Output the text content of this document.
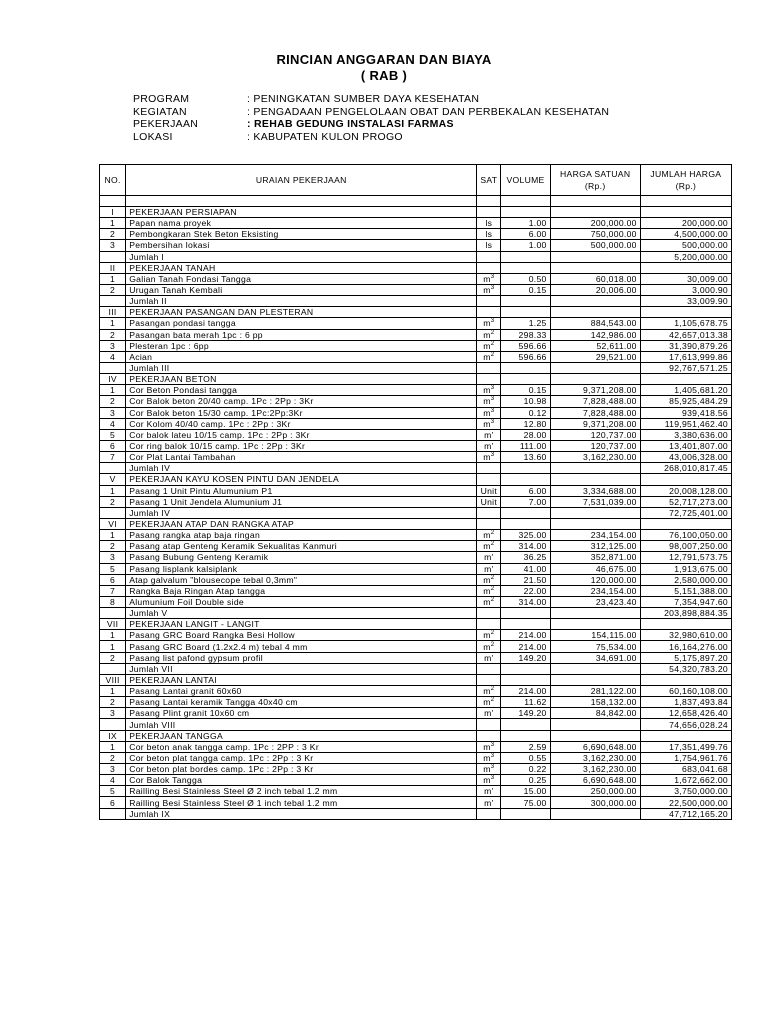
RINCIAN ANGGARAN DAN BIAYA
( RAB )
PROGRAM	: PENINGKATAN SUMBER DAYA KESEHATAN
KEGIATAN	: PENGADAAN PENGELOLAAN OBAT DAN PERBEKALAN KESEHATAN
PEKERJAAN	: REHAB GEDUNG INSTALASI FARMAS
LOKASI	: KABUPATEN KULON PROGO
NO.	URAIAN PEKERJAAN	SAT	VOLUME	HARGA SATUAN (Rp.)	JUMLAH HARGA (Rp.)

I	PEKERJAAN PERSIAPAN				
1	Papan nama proyek	ls	1.00	200,000.00	200,000.00
2	Pembongkaran Stek Beton Eksisting	ls	6.00	750,000.00	4,500,000.00
3	Pembersihan lokasi	ls	1.00	500,000.00	500,000.00
	Jumlah I				5,200,000.00
II	PEKERJAAN TANAH				
1	Galian Tanah Fondasi Tangga	$m^3$	0.50	60,018.00	30,009.00
2	Urugan Tanah Kembali	$m^3$	0.15	20,006.00	3,000.90
	Jumlah II				33,009.90
III	PEKERJAAN PASANGAN DAN PLESTERAN				
1	Pasangan pondasi tangga	$m^3$	1.25	884,543.00	1,105,678.75
2	Pasangan bata merah 1pc : 6 pp	$m^2$	298.33	142,986.00	42,657,013.38
3	Plesteran 1pc : 6pp	$m^2$	596.66	52,611.00	31,390,879.26
4	Acian	$m^2$	596.66	29,521.00	17,613,999.86
	Jumlah III				92,767,571.25
IV	PEKERJAAN BETON				
1	Cor Beton Pondasi tangga	$m^3$	0.15	9,371,208.00	1,405,681.20
2	Cor Balok beton 20/40 camp. 1Pc : 2Pp : 3Kr	$m^3$	10.98	7,828,488.00	85,925,484.29
3	Cor Balok beton 15/30 camp. 1Pc:2Pp:3Kr	$m^3$	0.12	7,828,488.00	939,418.56
4	Cor Kolom 40/40 camp. 1Pc : 2Pp : 3Kr	$m^3$	12.80	9,371,208.00	119,951,462.40
5	Cor balok lateu 10/15 camp. 1Pc : 2Pp : 3Kr	m'	28.00	120,737.00	3,380,636.00
6	Cor ring balok 10/15 camp. 1Pc : 2Pp : 3Kr	m'	111.00	120,737.00	13,401,807.00
7	Cor Plat Lantai Tambahan	$m^3$	13.60	3,162,230.00	43,006,328.00
	Jumlah IV				268,010,817.45
V	PEKERJAAN KAYU KOSEN PINTU DAN JENDELA				
1	Pasang 1 Unit Pintu Alumunium P1	Unit	6.00	3,334,688.00	20,008,128.00
2	Pasang 1 Unit Jendela Alumunium J1	Unit	7.00	7,531,039.00	52,717,273.00
	Jumlah IV				72,725,401.00
VI	PEKERJAAN ATAP DAN RANGKA ATAP				
1	Pasang rangka atap baja ringan	$m^2$	325.00	234,154.00	76,100,050.00
2	Pasang atap Genteng Keramik Sekualitas Kanmuri	$m^2$	314.00	312,125.00	98,007,250.00
3	Pasang Bubung Genteng Keramik	m'	36.25	352,871.00	12,791,573.75
5	Pasang lisplank kalsiplank	m'	41.00	46,675.00	1,913,675.00
6	Atap galvalum "blousecope tebal 0,3mm"	$m^2$	21.50	120,000.00	2,580,000.00
7	Rangka Baja Ringan Atap tangga	$m^2$	22.00	234,154.00	5,151,388.00
8	Alumunium Foil Double side	$m^2$	314.00	23,423.40	7,354,947.60
	Jumlah V				203,898,884.35
VII	PEKERJAAN LANGIT - LANGIT				
1	Pasang GRC Board Rangka Besi Hollow	$m^2$	214.00	154,115.00	32,980,610.00
1	Pasang GRC Board (1.2x2.4 m) tebal 4 mm	$m^2$	214.00	75,534.00	16,164,276.00
2	Pasang list pafond gypsum profil	m'	149.20	34,691.00	5,175,897.20
	Jumlah VII				54,320,783.20
VIII	PEKERJAAN LANTAI				
1	Pasang Lantai granit 60x60	$m^2$	214.00	281,122.00	60,160,108.00
2	Pasang Lantai keramik Tangga 40x40 cm	$m^2$	11.62	158,132.00	1,837,493.84
3	Pasang Plint granit 10x60 cm	m'	149.20	84,842.00	12,658,426.40
	Jumlah VIII				74,656,028.24
IX	PEKERJAAN TANGGA				
1	Cor beton anak tangga camp. 1Pc : 2PP : 3 Kr	$m^3$	2.59	6,690,648.00	17,351,499.76
2	Cor beton plat tangga camp. 1Pc : 2Pp : 3 Kr	$m^3$	0.55	3,162,230.00	1,754,961.76
3	Cor beton plat bordes camp. 1Pc : 2Pp : 3 Kr	$m^3$	0.22	3,162,230.00	683,041.68
4	Cor Balok Tangga	$m^3$	0.25	6,690,648.00	1,672,662.00
5	Railling Besi Stainless Steel Ø 2 inch tebal 1.2 mm	m'	15.00	250,000.00	3,750,000.00
6	Railling Besi Stainless Steel Ø 1 inch tebal 1.2 mm	m'	75.00	300,000.00	22,500,000.00
	Jumlah IX				47,712,165.20
